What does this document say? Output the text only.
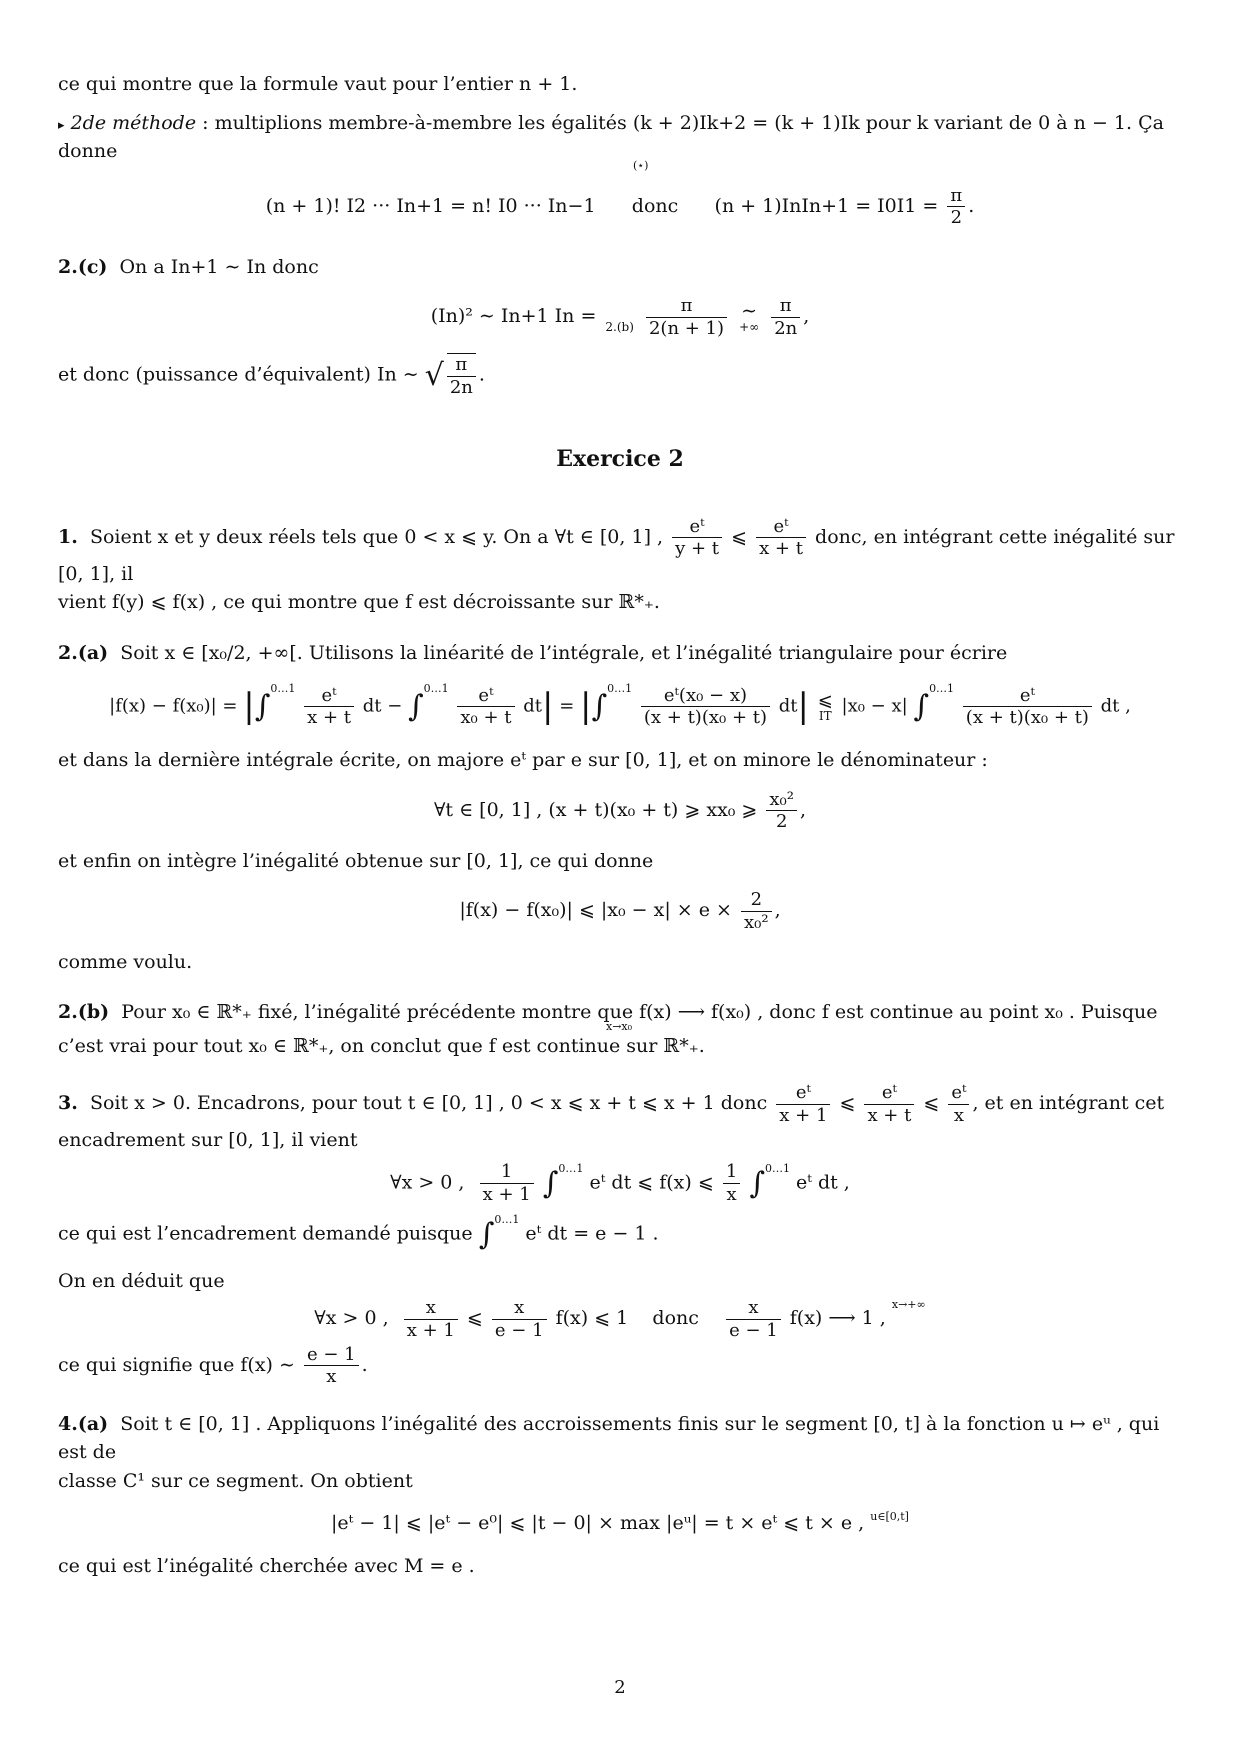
ce qui montre que la formule vaut pour l’entier n + 1.

▸ 2de méthode : multiplions membre-à-membre les égalités (k + 2)Ik+2 = (k + 1)Ik pour k variant de 0 à n − 1. Ça donne

(⋆)

(n + 1)! I2 ··· In+1 = n! I0 ··· In−1 donc (n + 1)InIn+1 = $I0I1 = \frac{\pi}{2}$ .

2.(c) On a In+1 ∼ In donc

(In)² ∼ In+1 In =
2.(b)
$\frac{\pi}{2(n + 1)}$
∼
+∞
$\frac{\pi}{2n}$ ,

et donc (puissance d’équivalent) In ∼ √ $\frac{\pi}{2n}$ .

Exercice 2

1. Soient x et y deux réels tels que 0 < x ⩽ y. On a ∀t ∈ [0, 1] , $\frac{\text{eᵗ}}{y + t}$ ⩽ $\frac{\text{eᵗ}}{x + t}$ donc, en intégrant cette inégalité sur [0, 1], il

vient f(y) ⩽ f(x) , ce qui montre que f est décroissante sur ℝ*₊.

2.(a) Soit x ∈ [x₀/2, +∞[. Utilisons la linéarité de l’intégrale, et l’inégalité triangulaire pour écrire

$|f(x) - f(x_0)| = |\int^{0\dots 1} \frac{\text{eᵗ}}{x + t}$ dt − $\int^{0\dots 1} \frac{\text{eᵗ}}{\text{x₀ + t}} dt| = |\int^{0\dots 1} \frac{\text{eᵗ(x₀ − x)}}{\text{(x + t)(x₀ + t)}} dt|$ ⩽
IT |x₀ − x| $\int^{0\dots 1} \frac{\text{eᵗ}}{\text{(x + t)(x₀ + t)}}$ dt ,

et dans la dernière intégrale écrite, on majore eᵗ par e sur [0, 1], et on minore le dénominateur :

∀t ∈ [0, 1] , (x + t)(x₀ + t) ⩾ xx₀ ⩾ $\frac{\text{x₀²}}{2}$ ,

et enfin on intègre l’inégalité obtenue sur [0, 1], ce qui donne

|f(x) − f(x₀)| ⩽ $|x_0 - x| \times e \times \frac{2}{\text{x₀²}}$ ,

comme voulu.

2.(b) Pour x₀ ∈ ℝ*₊ fixé, l’inégalité précédente montre que f(x) ⟶ f(x₀) , donc f est continue au point x₀ . Puisque

x→x₀

c’est vrai pour tout x₀ ∈ ℝ*₊, on conclut que f est continue sur ℝ*₊.

3. Soit x > 0. Encadrons, pour tout t ∈ [0, 1] , 0 < x ⩽ x + t ⩽ x + 1 donc $\frac{\text{eᵗ}}{x + 1}$ ⩽ $\frac{\text{eᵗ}}{x + t}$ ⩽ $\frac{\text{eᵗ}}{x}$ , et en intégrant cet

encadrement sur [0, 1], il vient

∀x > 0 , $\frac{1}{x + 1} \int^{0\dots 1}$ eᵗ dt ⩽ f(x) ⩽ $\frac{1}{x} \int^{0\dots 1}$ eᵗ dt ,

ce qui est l’encadrement demandé puisque ∫$^{0\dots 1}$ eᵗ dt = e − 1 .

On en déduit que

∀x > 0 , $\frac{x}{x + 1}$ ⩽ $\frac{x}{e - 1} f(x)$ ⩽ 1 donc $\frac{x}{e - 1} f(x)$ ⟶ 1 , $^{x\to+\infty}$

ce qui signifie que f(x) ∼ $\frac{e - 1}{x}$ .

4.(a) Soit t ∈ [0, 1] . Appliquons l’inégalité des accroissements finis sur le segment [0, t] à la fonction u ↦ eᵘ , qui est de

classe C¹ sur ce segment. On obtient

|eᵗ − 1| ⩽ |eᵗ − e⁰| ⩽ |t − 0| × max |eᵘ| = t × eᵗ ⩽ t × e , $^{u\in[0,t]}$

ce qui est l’inégalité cherchée avec M = e .

2
